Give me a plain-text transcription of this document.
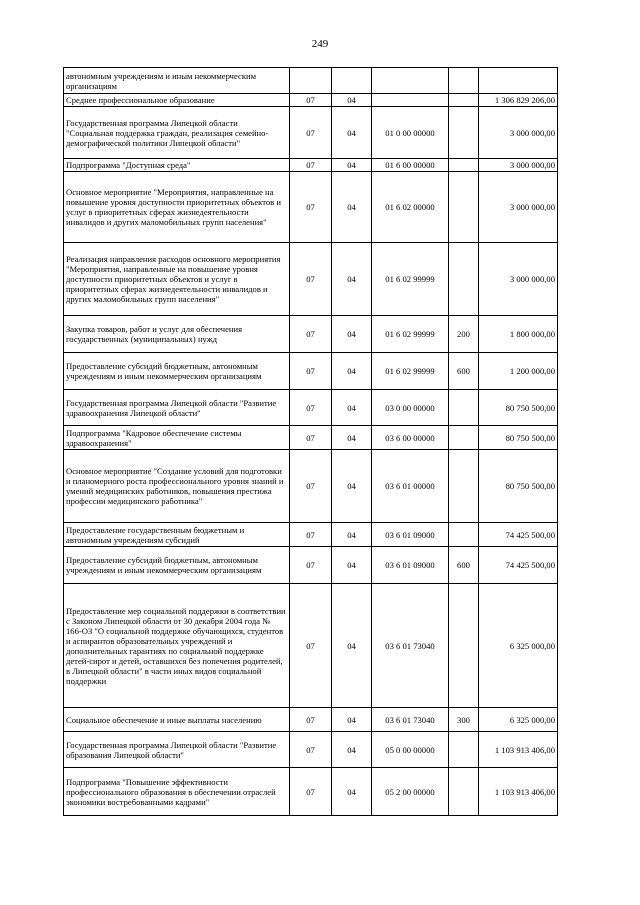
249
автономным учреждениям и иным некоммерческим организациям					
Среднее профессиональное образование	07	04			1 306 829 206,00
Государственная программа Липецкой области "Социальная поддержка граждан, реализация семейно-демографической политики Липецкой области"	07	04	01 0 00 00000		3 000 000,00
Подпрограмма "Доступная среда"	07	04	01 6 00 00000		3 000 000,00
Основное мероприятие "Мероприятия, направленные на повышение уровня доступности приоритетных объектов и услуг в приоритетных сферах жизнедеятельности инвалидов и других маломобильных групп населения"	07	04	01 6 02 00000		3 000 000,00
Реализация направления расходов основного мероприятия "Мероприятия, направленные на повышение уровня доступности приоритетных объектов и услуг в приоритетных сферах жизнедеятельности инвалидов и других маломобильных групп населения"	07	04	01 6 02 99999		3 000 000,00
Закупка товаров, работ и услуг для обеспечения государственных (муниципальных) нужд	07	04	01 6 02 99999	200	1 800 000,00
Предоставление субсидий бюджетным, автономным учреждениям и иным некоммерческим организациям	07	04	01 6 02 99999	600	1 200 000,00
Государственная программа Липецкой области "Развитие здравоохранения Липецкой области"	07	04	03 0 00 00000		80 750 500,00
Подпрограмма "Кадровое обеспечение системы здравоохранения"	07	04	03 6 00 00000		80 750 500,00
Основное мероприятие "Создание условий для подготовки и планомерного роста профессионального уровня знаний и умений медицинских работников, повышения престижа профессии медицинского работника"	07	04	03 6 01 00000		80 750 500,00
Предоставление государственным бюджетным и автономным учреждениям субсидий	07	04	03 6 01 09000		74 425 500,00
Предоставление субсидий бюджетным, автономным учреждениям и иным некоммерческим организациям	07	04	03 6 01 09000	600	74 425 500,00
Предоставление мер социальной поддержки в соответствии с Законом Липецкой области от 30 декабря 2004 года № 166-ОЗ "О социальной поддержке обучающихся, студентов и аспирантов образовательных учреждений и дополнительных гарантиях по социальной поддержке детей-сирот и детей, оставшихся без попечения родителей, в Липецкой области" в части иных видов социальной поддержки	07	04	03 6 01 73040		6 325 000,00
Социальное обеспечение и иные выплаты населению	07	04	03 6 01 73040	300	6 325 000,00
Государственная программа Липецкой области "Развитие образования Липецкой области"	07	04	05 0 00 00000		1 103 913 406,00
Подпрограмма "Повышение эффективности профессионального образования в обеспечении отраслей экономики востребованными кадрами"	07	04	05 2 00 00000		1 103 913 406,00
